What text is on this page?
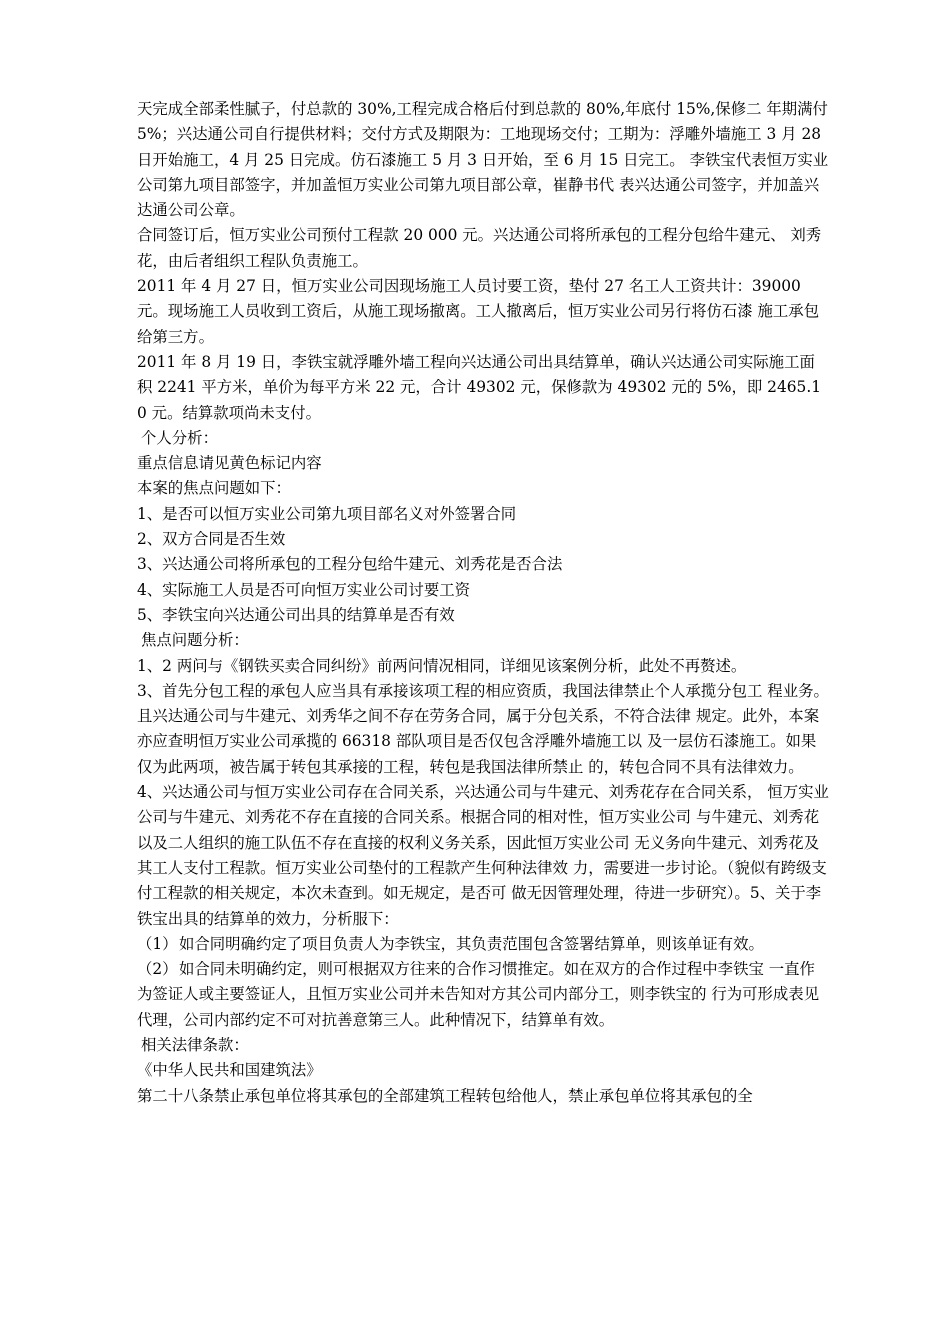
天完成全部柔性腻子，付总款的 30%,工程完成合格后付到总款的 80%,年底付 15%,保修二 年期满付 5%；兴达通公司自行提供材料；交付方式及期限为：工地现场交付；工期为：浮雕外墙施工 3 月 28 日开始施工，4 月 25 日完成。仿石漆施工 5 月 3 日开始，至 6 月 15 日完工。 李铁宝代表恒万实业公司第九项目部签字，并加盖恒万实业公司第九项目部公章，崔静书代 表兴达通公司签字，并加盖兴达通公司公章。

合同签订后，恒万实业公司预付工程款 20 000 元。兴达通公司将所承包的工程分包给牛建元、 刘秀花，由后者组织工程队负责施工。

2011 年 4 月 27 日，恒万实业公司因现场施工人员讨要工资，垫付 27 名工人工资共计：39000 元。现场施工人员收到工资后，从施工现场撤离。工人撤离后，恒万实业公司另行将仿石漆 施工承包给第三方。

2011 年 8 月 19 日，李铁宝就浮雕外墙工程向兴达通公司出具结算单，确认兴达通公司实际施工面积 2241 平方米，单价为每平方米 22 元，合计 49302 元，保修款为 49302 元的 5%，即 2465.10 元。结算款项尚未支付。

个人分析：

重点信息请见黄色标记内容

本案的焦点问题如下：

1、是否可以恒万实业公司第九项目部名义对外签署合同

2、双方合同是否生效

3、兴达通公司将所承包的工程分包给牛建元、刘秀花是否合法

4、实际施工人员是否可向恒万实业公司讨要工资

5、李铁宝向兴达通公司出具的结算单是否有效

焦点问题分析：

1、2 两问与《钢铁买卖合同纠纷》前两问情况相同，详细见该案例分析，此处不再赘述。

3、首先分包工程的承包人应当具有承接该项工程的相应资质，我国法律禁止个人承揽分包工 程业务。且兴达通公司与牛建元、刘秀华之间不存在劳务合同，属于分包关系，不符合法律 规定。此外，本案亦应查明恒万实业公司承揽的 66318 部队项目是否仅包含浮雕外墙施工以 及一层仿石漆施工。如果仅为此两项，被告属于转包其承接的工程，转包是我国法律所禁止 的，转包合同不具有法律效力。

4、兴达通公司与恒万实业公司存在合同关系，兴达通公司与牛建元、刘秀花存在合同关系， 恒万实业公司与牛建元、刘秀花不存在直接的合同关系。根据合同的相对性，恒万实业公司 与牛建元、刘秀花以及二人组织的施工队伍不存在直接的权利义务关系，因此恒万实业公司 无义务向牛建元、刘秀花及其工人支付工程款。恒万实业公司垫付的工程款产生何种法律效 力，需要进一步讨论。（貌似有跨级支付工程款的相关规定，本次未查到。如无规定，是否可 做无因管理处理，待进一步研究）。5、关于李铁宝出具的结算单的效力，分析服下：

（1）如合同明确约定了项目负责人为李铁宝，其负责范围包含签署结算单，则该单证有效。
（2）如合同未明确约定，则可根据双方往来的合作习惯推定。如在双方的合作过程中李铁宝 一直作为签证人或主要签证人，且恒万实业公司并未告知对方其公司内部分工，则李铁宝的 行为可形成表见代理，公司内部约定不可对抗善意第三人。此种情况下，结算单有效。

相关法律条款：

《中华人民共和国建筑法》

第二十八条禁止承包单位将其承包的全部建筑工程转包给他人，禁止承包单位将其承包的全
